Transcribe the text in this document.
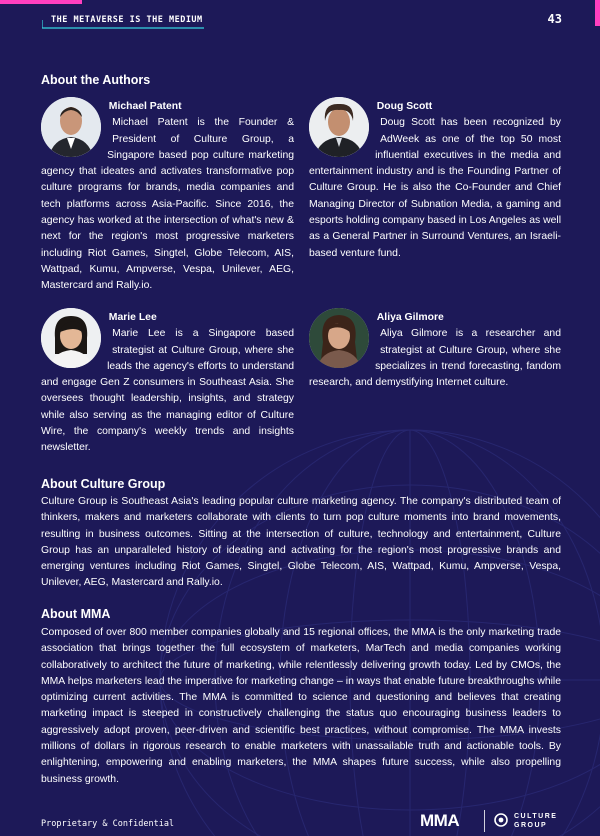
THE METAVERSE IS THE MEDIUM	43
About the Authors
Michael Patent
Michael Patent is the Founder & President of Culture Group, a Singapore based pop culture marketing agency that ideates and activates transformative pop culture programs for brands, media companies and tech platforms across Asia-Pacific. Since 2016, the agency has worked at the intersection of what's new & next for the region's most progressive marketers including Riot Games, Singtel, Globe Telecom, AIS, Wattpad, Kumu, Ampverse, Vespa, Unilever, AEG, Mastercard and Rally.io.
Doug Scott
Doug Scott has been recognized by AdWeek as one of the top 50 most influential executives in the media and entertainment industry and is the Founding Partner of Culture Group. He is also the Co-Founder and Chief Managing Director of Subnation Media, a gaming and esports holding company based in Los Angeles as well as a General Partner in Surround Ventures, an Israeli-based venture fund.
Marie Lee
Marie Lee is a Singapore based strategist at Culture Group, where she leads the agency's efforts to understand and engage Gen Z consumers in Southeast Asia. She oversees thought leadership, insights, and strategy while also serving as the managing editor of Culture Wire, the company's weekly trends and insights newsletter.
Aliya Gilmore
Aliya Gilmore is a researcher and strategist at Culture Group, where she specializes in trend forecasting, fandom research, and demystifying Internet culture.
About Culture Group
Culture Group is Southeast Asia's leading popular culture marketing agency. The company's distributed team of thinkers, makers and marketers collaborate with clients to turn pop culture moments into brand movements, resulting in business outcomes. Sitting at the intersection of culture, technology and entertainment, Culture Group has an unparalleled history of ideating and activating for the region's most progressive brands and emerging ventures including Riot Games, Singtel, Globe Telecom, AIS, Wattpad, Kumu, Ampverse, Vespa, Unilever, AEG, Mastercard and Rally.io.
About MMA
Composed of over 800 member companies globally and 15 regional offices, the MMA is the only marketing trade association that brings together the full ecosystem of marketers, MarTech and media companies working collaboratively to architect the future of marketing, while relentlessly delivering growth today. Led by CMOs, the MMA helps marketers lead the imperative for marketing change – in ways that enable future breakthroughs while optimizing current activities. The MMA is committed to science and questioning and believes that creating marketing impact is steeped in constructively challenging the status quo encouraging business leaders to aggressively adopt proven, peer-driven and scientific best practices, without compromise. The MMA invests millions of dollars in rigorous research to enable marketers with unassailable truth and actionable tools. By enlightening, empowering and enabling marketers, the MMA shapes future success, while also propelling business growth.
Proprietary & Confidential	MMA	CULTURE
GROUP
